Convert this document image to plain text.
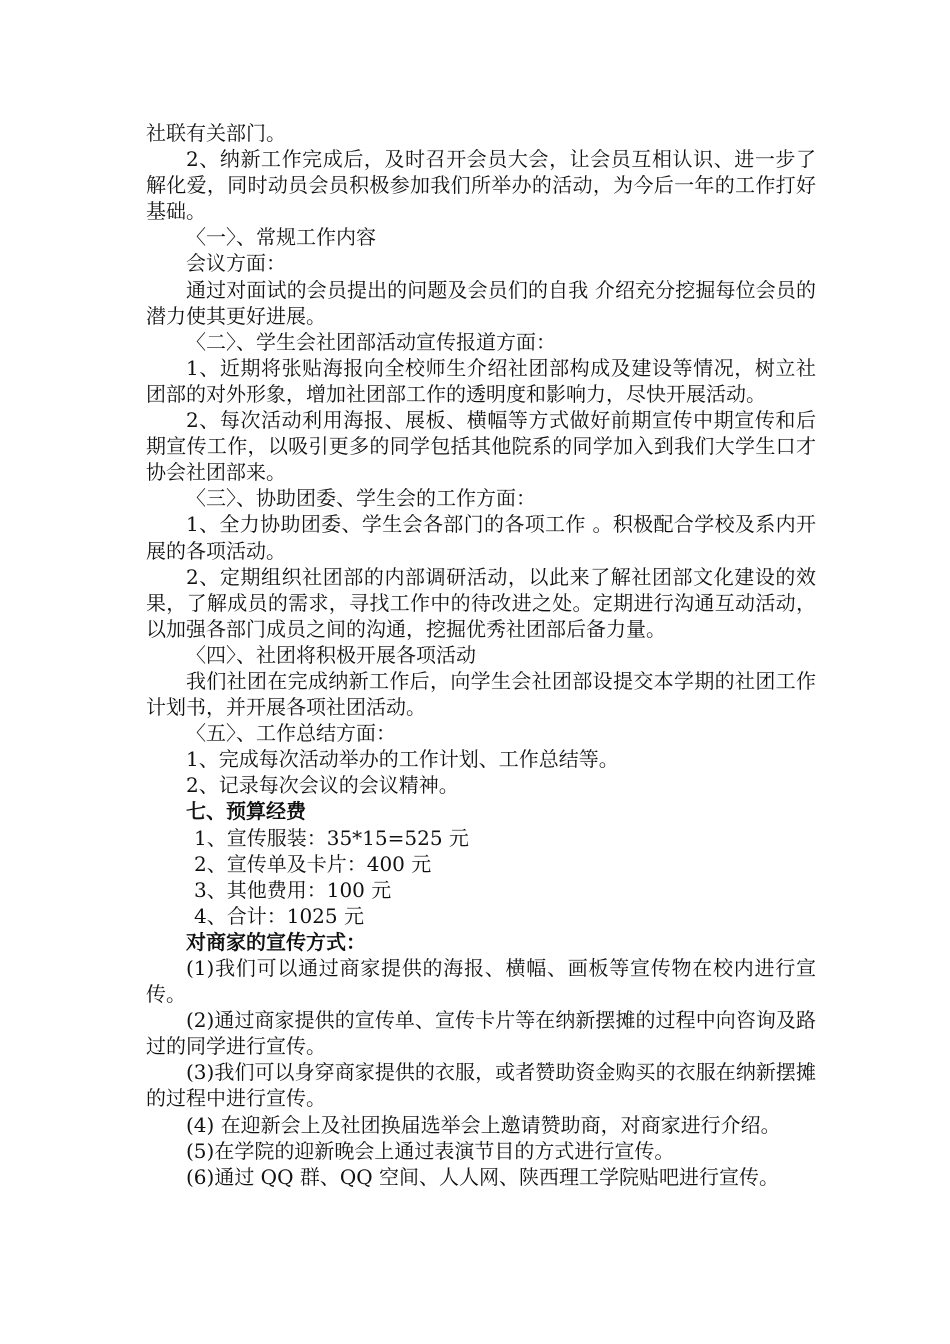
社联有关部门。

2、纳新工作完成后，及时召开会员大会，让会员互相认识、进一步了解化爱，同时动员会员积极参加我们所举办的活动，为今后一年的工作打好基础。

〈一〉、常规工作内容

会议方面：

通过对面试的会员提出的问题及会员们的自我 介绍充分挖掘每位会员的潜力使其更好进展。

〈二〉、学生会社团部活动宣传报道方面：

1、近期将张贴海报向全校师生介绍社团部构成及建设等情况，树立社团部的对外形象，增加社团部工作的透明度和影响力，尽快开展活动。

2、每次活动利用海报、展板、横幅等方式做好前期宣传中期宣传和后期宣传工作，以吸引更多的同学包括其他院系的同学加入到我们大学生口才协会社团部来。

〈三〉、协助团委、学生会的工作方面：

1、全力协助团委、学生会各部门的各项工作 。积极配合学校及系内开展的各项活动。

2、定期组织社团部的内部调研活动，以此来了解社团部文化建设的效果，了解成员的需求，寻找工作中的待改进之处。定期进行沟通互动活动，以加强各部门成员之间的沟通，挖掘优秀社团部后备力量。

〈四〉、社团将积极开展各项活动

我们社团在完成纳新工作后，向学生会社团部设提交本学期的社团工作计划书，并开展各项社团活动。

〈五〉、工作总结方面：

1、完成每次活动举办的工作计划、工作总结等。

2、记录每次会议的会议精神。

七、预算经费

1、宣传服装：35*15=525 元

2、宣传单及卡片：400 元

3、其他费用：100 元

4、合计：1025 元

对商家的宣传方式：

(1)我们可以通过商家提供的海报、横幅、画板等宣传物在校内进行宣传。

(2)通过商家提供的宣传单、宣传卡片等在纳新摆摊的过程中向咨询及路过的同学进行宣传。

(3)我们可以身穿商家提供的衣服，或者赞助资金购买的衣服在纳新摆摊的过程中进行宣传。

(4) 在迎新会上及社团换届选举会上邀请赞助商，对商家进行介绍。

(5)在学院的迎新晚会上通过表演节目的方式进行宣传。

(6)通过 QQ 群、QQ 空间、人人网、陕西理工学院贴吧进行宣传。
